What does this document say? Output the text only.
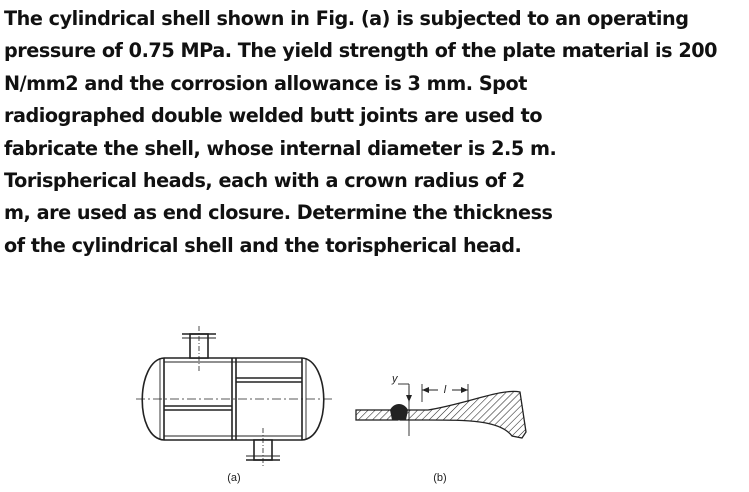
The cylindrical shell shown in Fig. (a) is subjected to an operating
pressure of 0.75 MPa. The yield strength of the plate material is 200
N/mm2 and the corrosion allowance is 3 mm. Spot
radiographed double welded butt joints are used to
fabricate the shell, whose internal diameter is 2.5 m.
Torispherical heads, each with a crown radius of 2
m, are used as end closure. Determine the thickness
of the cylindrical shell and the torispherical head.
(a)
y
l
(b)
